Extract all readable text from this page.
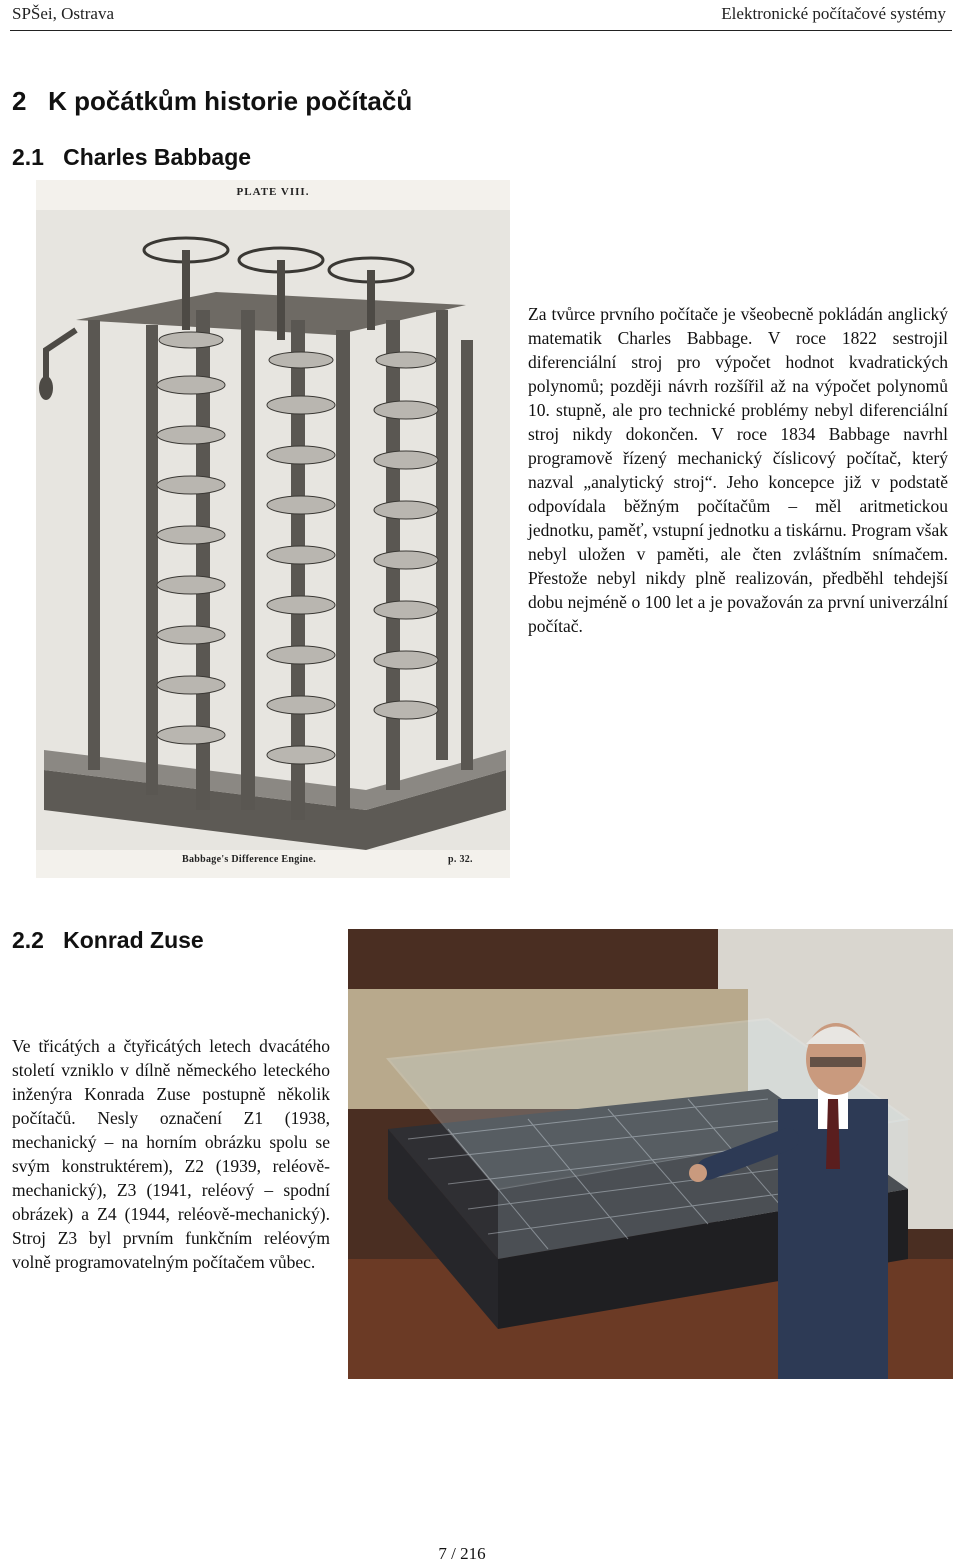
SPŠei, Ostrava	Elektronické počítačové systémy
2   K počátkům historie počítačů
2.1   Charles Babbage
PLATE VIII.
Babbage's Difference Engine.	p. 32.
Za tvůrce prvního počítače je všeobecně pokládán anglický matematik Charles Babbage. V roce 1822 sestrojil diferenciální stroj pro výpočet hodnot kvadratických polynomů; později návrh rozšířil až na výpočet polynomů 10. stupně, ale pro technické problémy nebyl diferenciální stroj nikdy dokončen. V roce 1834 Babbage navrhl programově řízený mechanický číslicový počítač, který nazval „analytický stroj“. Jeho koncepce již v podstatě odpovídala běžným počítačům – měl aritmetickou jednotku, paměť, vstupní jednotku a tiskárnu. Program však nebyl uložen v paměti, ale čten zvláštním snímačem. Přestože nebyl nikdy plně realizován, předběhl tehdejší dobu nejméně o 100 let a je považován za první univerzální počítač.
2.2   Konrad Zuse
Ve třicátých a čtyřicátých letech dvacátého století vzniklo v dílně německého leteckého inženýra Konrada Zuse postupně několik počítačů. Nesly označení Z1 (1938, mechanický – na horním obrázku spolu se svým konstruktérem), Z2 (1939, reléově-mechanický), Z3 (1941, reléový – spodní obrázek) a Z4 (1944, reléově-mechanický). Stroj Z3 byl prvním funkčním reléovým volně programovatelným počítačem vůbec.
7 / 216
